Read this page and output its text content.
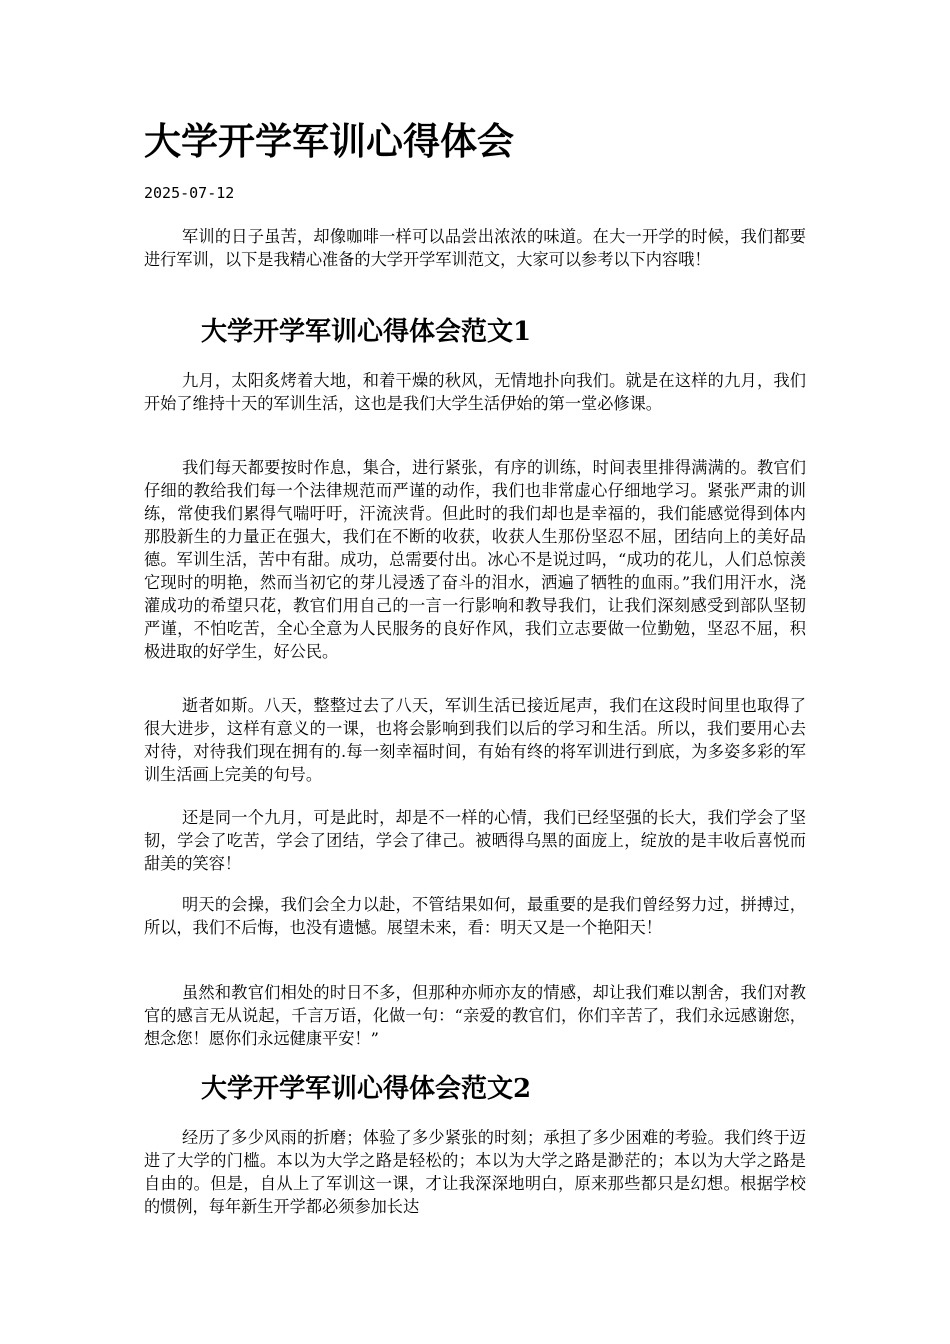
大学开学军训心得体会
2025-07-12

军训的日子虽苦，却像咖啡一样可以品尝出浓浓的味道。在大一开学的时候，我们都要进行军训，以下是我精心准备的大学开学军训范文，大家可以参考以下内容哦！

大学开学军训心得体会范文1

九月，太阳炙烤着大地，和着干燥的秋风，无情地扑向我们。就是在这样的九月，我们开始了维持十天的军训生活，这也是我们大学生活伊始的第一堂必修课。

我们每天都要按时作息，集合，进行紧张，有序的训练，时间表里排得满满的。教官们仔细的教给我们每一个法律规范而严谨的动作，我们也非常虚心仔细地学习。紧张严肃的训练，常使我们累得气喘吁吁，汗流浃背。但此时的我们却也是幸福的，我们能感觉得到体内那股新生的力量正在强大，我们在不断的收获，收获人生那份坚忍不屈，团结向上的美好品德。军训生活，苦中有甜。成功，总需要付出。冰心不是说过吗，“成功的花儿，人们总惊羡它现时的明艳，然而当初它的芽儿浸透了奋斗的泪水，洒遍了牺牲的血雨。”我们用汗水，浇灌成功的希望只花，教官们用自己的一言一行影响和教导我们，让我们深刻感受到部队坚韧严谨，不怕吃苦，全心全意为人民服务的良好作风，我们立志要做一位勤勉，坚忍不屈，积极进取的好学生，好公民。

逝者如斯。八天，整整过去了八天，军训生活已接近尾声，我们在这段时间里也取得了很大进步，这样有意义的一课，也将会影响到我们以后的学习和生活。所以，我们要用心去对待，对待我们现在拥有的.每一刻幸福时间，有始有终的将军训进行到底，为多姿多彩的军训生活画上完美的句号。

还是同一个九月，可是此时，却是不一样的心情，我们已经坚强的长大，我们学会了坚韧，学会了吃苦，学会了团结，学会了律己。被晒得乌黑的面庞上，绽放的是丰收后喜悦而甜美的笑容！

明天的会操，我们会全力以赴，不管结果如何，最重要的是我们曾经努力过，拼搏过，所以，我们不后悔，也没有遗憾。展望未来，看：明天又是一个艳阳天！

虽然和教官们相处的时日不多，但那种亦师亦友的情感，却让我们难以割舍，我们对教官的感言无从说起，千言万语，化做一句：“亲爱的教官们，你们辛苦了，我们永远感谢您，想念您！愿你们永远健康平安！”

大学开学军训心得体会范文2

经历了多少风雨的折磨；体验了多少紧张的时刻；承担了多少困难的考验。我们终于迈进了大学的门槛。本以为大学之路是轻松的；本以为大学之路是渺茫的；本以为大学之路是自由的。但是，自从上了军训这一课，才让我深深地明白，原来那些都只是幻想。根据学校的惯例，每年新生开学都必须参加长达
